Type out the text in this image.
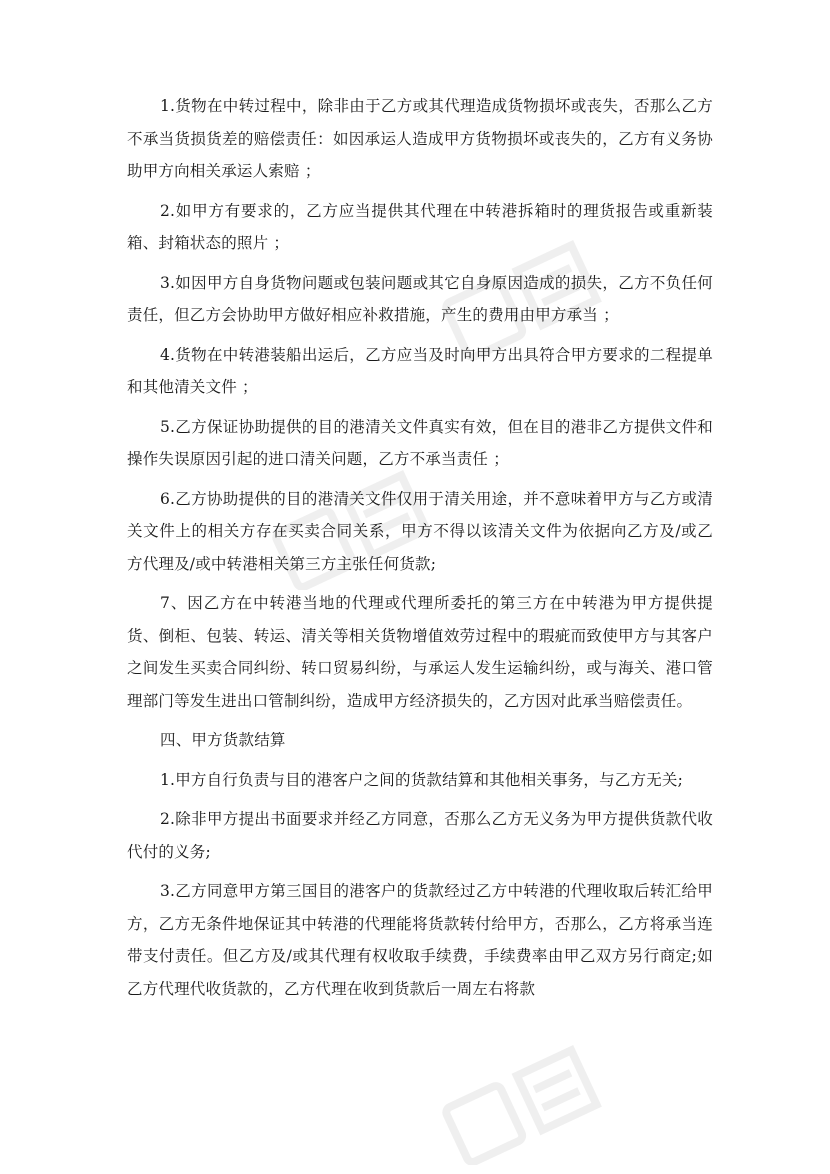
1.货物在中转过程中，除非由于乙方或其代理造成货物损坏或丧失，否那么乙方不承当货损货差的赔偿责任：如因承运人造成甲方货物损坏或丧失的，乙方有义务协助甲方向相关承运人索赔 ；

2.如甲方有要求的，乙方应当提供其代理在中转港拆箱时的理货报告或重新装箱、封箱状态的照片 ；

3.如因甲方自身货物问题或包装问题或其它自身原因造成的损失，乙方不负任何责任，但乙方会协助甲方做好相应补救措施，产生的费用由甲方承当 ；

4.货物在中转港装船出运后，乙方应当及时向甲方出具符合甲方要求的二程提单和其他清关文件 ；

5.乙方保证协助提供的目的港清关文件真实有效，但在目的港非乙方提供文件和操作失误原因引起的进口清关问题，乙方不承当责任 ；

6.乙方协助提供的目的港清关文件仅用于清关用途，并不意味着甲方与乙方或清关文件上的相关方存在买卖合同关系，甲方不得以该清关文件为依据向乙方及/或乙方代理及/或中转港相关第三方主张任何货款;

7、因乙方在中转港当地的代理或代理所委托的第三方在中转港为甲方提供提货、倒柜、包装、转运、清关等相关货物增值效劳过程中的瑕疵而致使甲方与其客户之间发生买卖合同纠纷、转口贸易纠纷，与承运人发生运输纠纷，或与海关、港口管理部门等发生进出口管制纠纷，造成甲方经济损失的，乙方因对此承当赔偿责任。

四、甲方货款结算

1.甲方自行负责与目的港客户之间的货款结算和其他相关事务，与乙方无关;

2.除非甲方提出书面要求并经乙方同意，否那么乙方无义务为甲方提供货款代收代付的义务;

3.乙方同意甲方第三国目的港客户的货款经过乙方中转港的代理收取后转汇给甲方，乙方无条件地保证其中转港的代理能将货款转付给甲方，否那么，乙方将承当连带支付责任。但乙方及/或其代理有权收取手续费，手续费率由甲乙双方另行商定;如乙方代理代收货款的，乙方代理在收到货款后一周左右将款
